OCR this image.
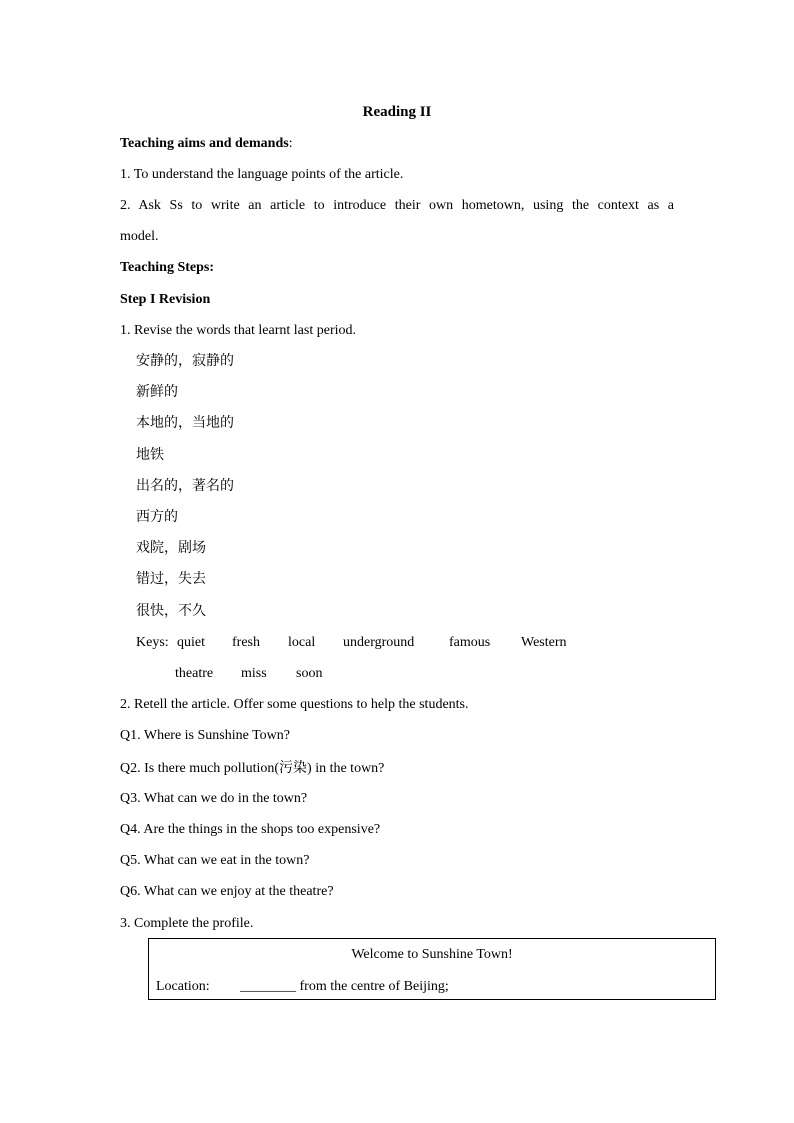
Reading II
Teaching aims and demands:
1. To understand the language points of the article.
2. Ask Ss to write an article to introduce their own hometown, using the context as a
model.
Teaching Steps:
Step I Revision
1. Revise the words that learnt last period.
安静的，寂静的
新鲜的
本地的，当地的
地铁
出名的，著名的
西方的
戏院，剧场
错过，失去
很快，不久
Keys: quiet fresh local underground famous Western
theatre miss soon
2. Retell the article. Offer some questions to help the students.
Q1. Where is Sunshine Town?
Q2. Is there much pollution(污染) in the town?
Q3. What can we do in the town?
Q4. Are the things in the shops too expensive?
Q5. What can we eat in the town?
Q6. What can we enjoy at the theatre?
3. Complete the profile.
Welcome to Sunshine Town!
Location: ________ from the centre of Beijing;
